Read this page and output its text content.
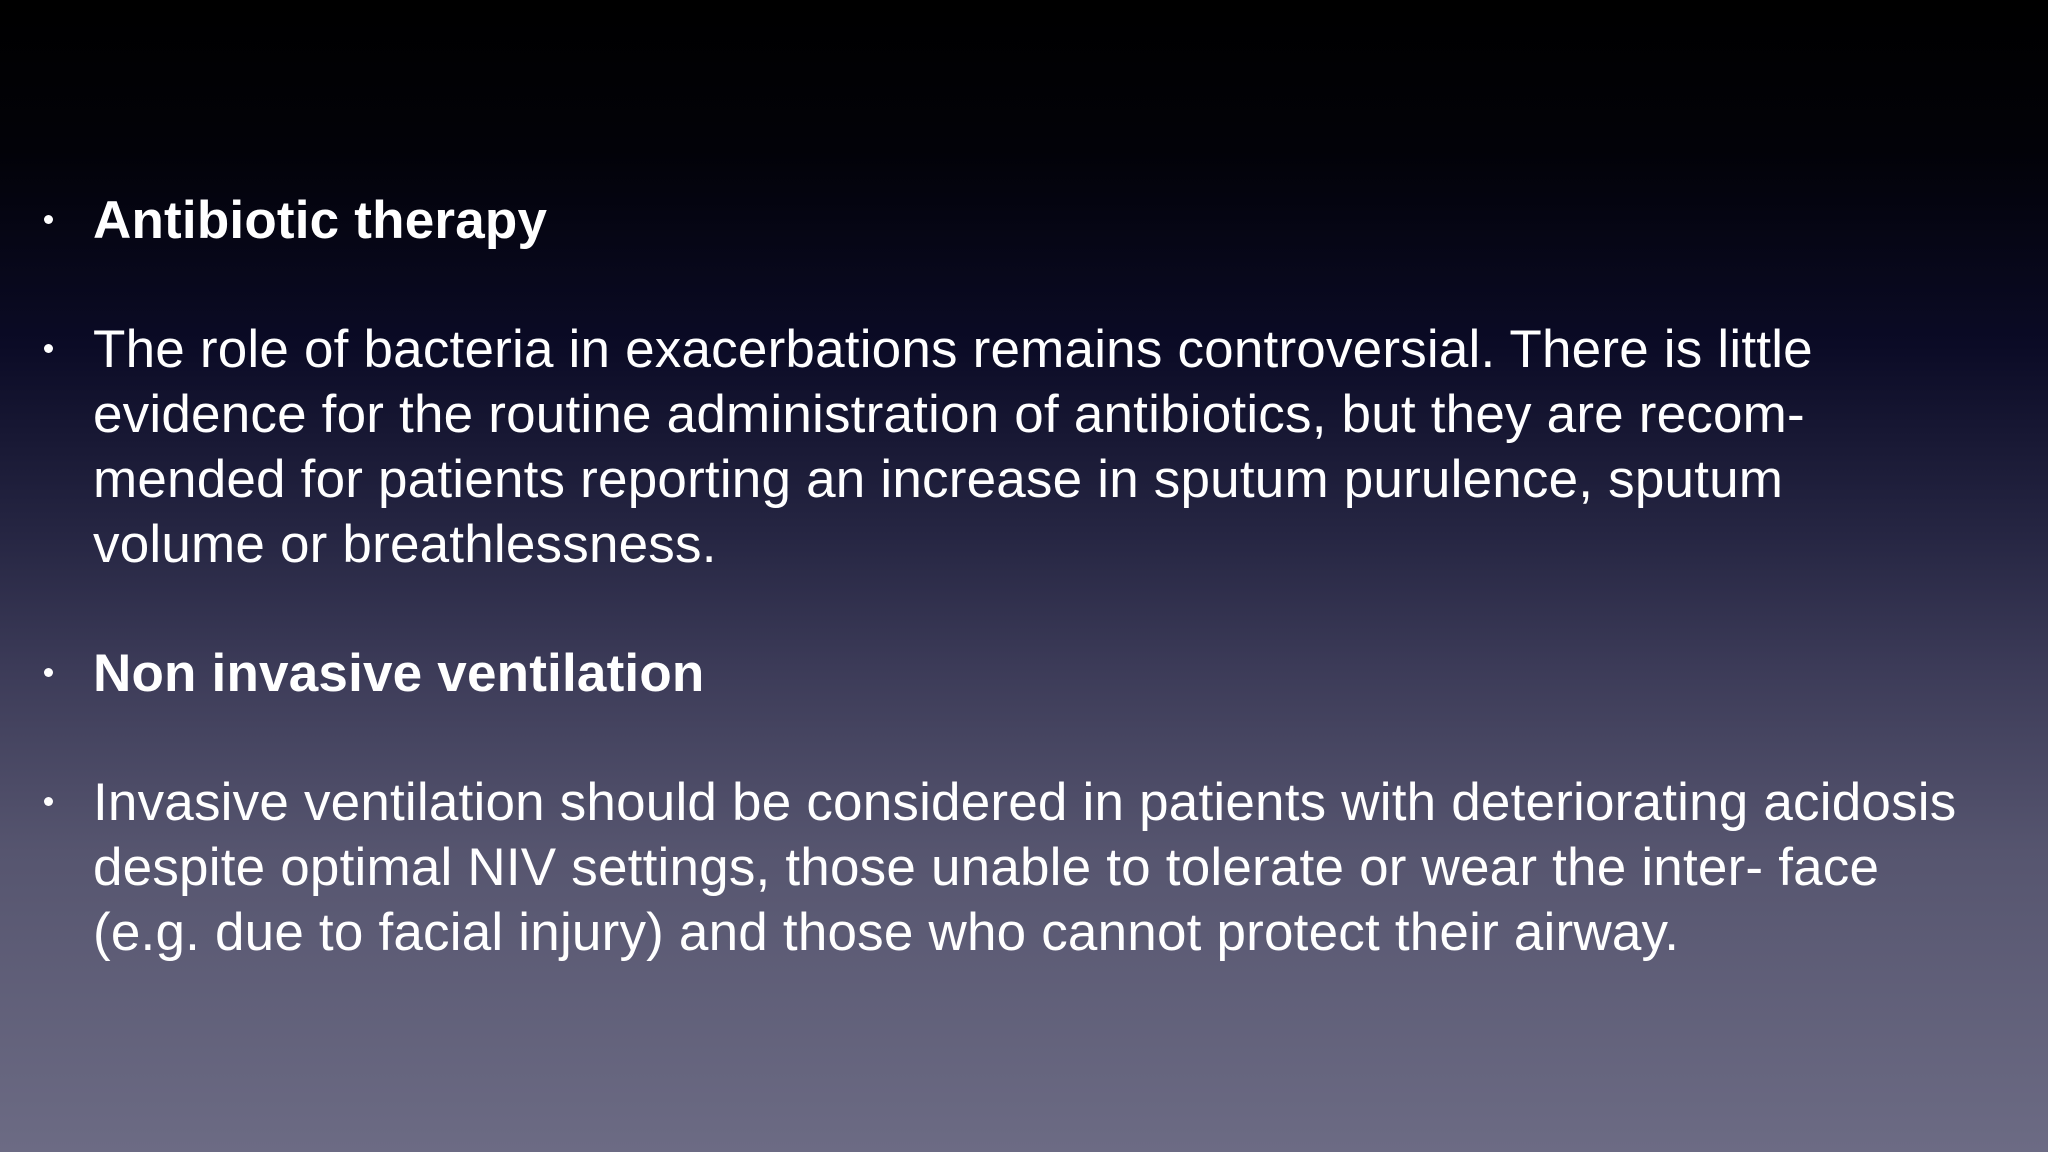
Antibiotic therapy
The role of bacteria in exacerbations remains controversial. There is little
evidence for the routine administration of antibiotics, but they are recom-
mended for patients reporting an increase in sputum purulence, sputum
volume or breathlessness.
Non invasive ventilation
Invasive ventilation should be considered in patients with deteriorating acidosis
despite optimal NIV settings, those unable to tolerate or wear the inter- face
(e.g. due to facial injury) and those who cannot protect their airway.
